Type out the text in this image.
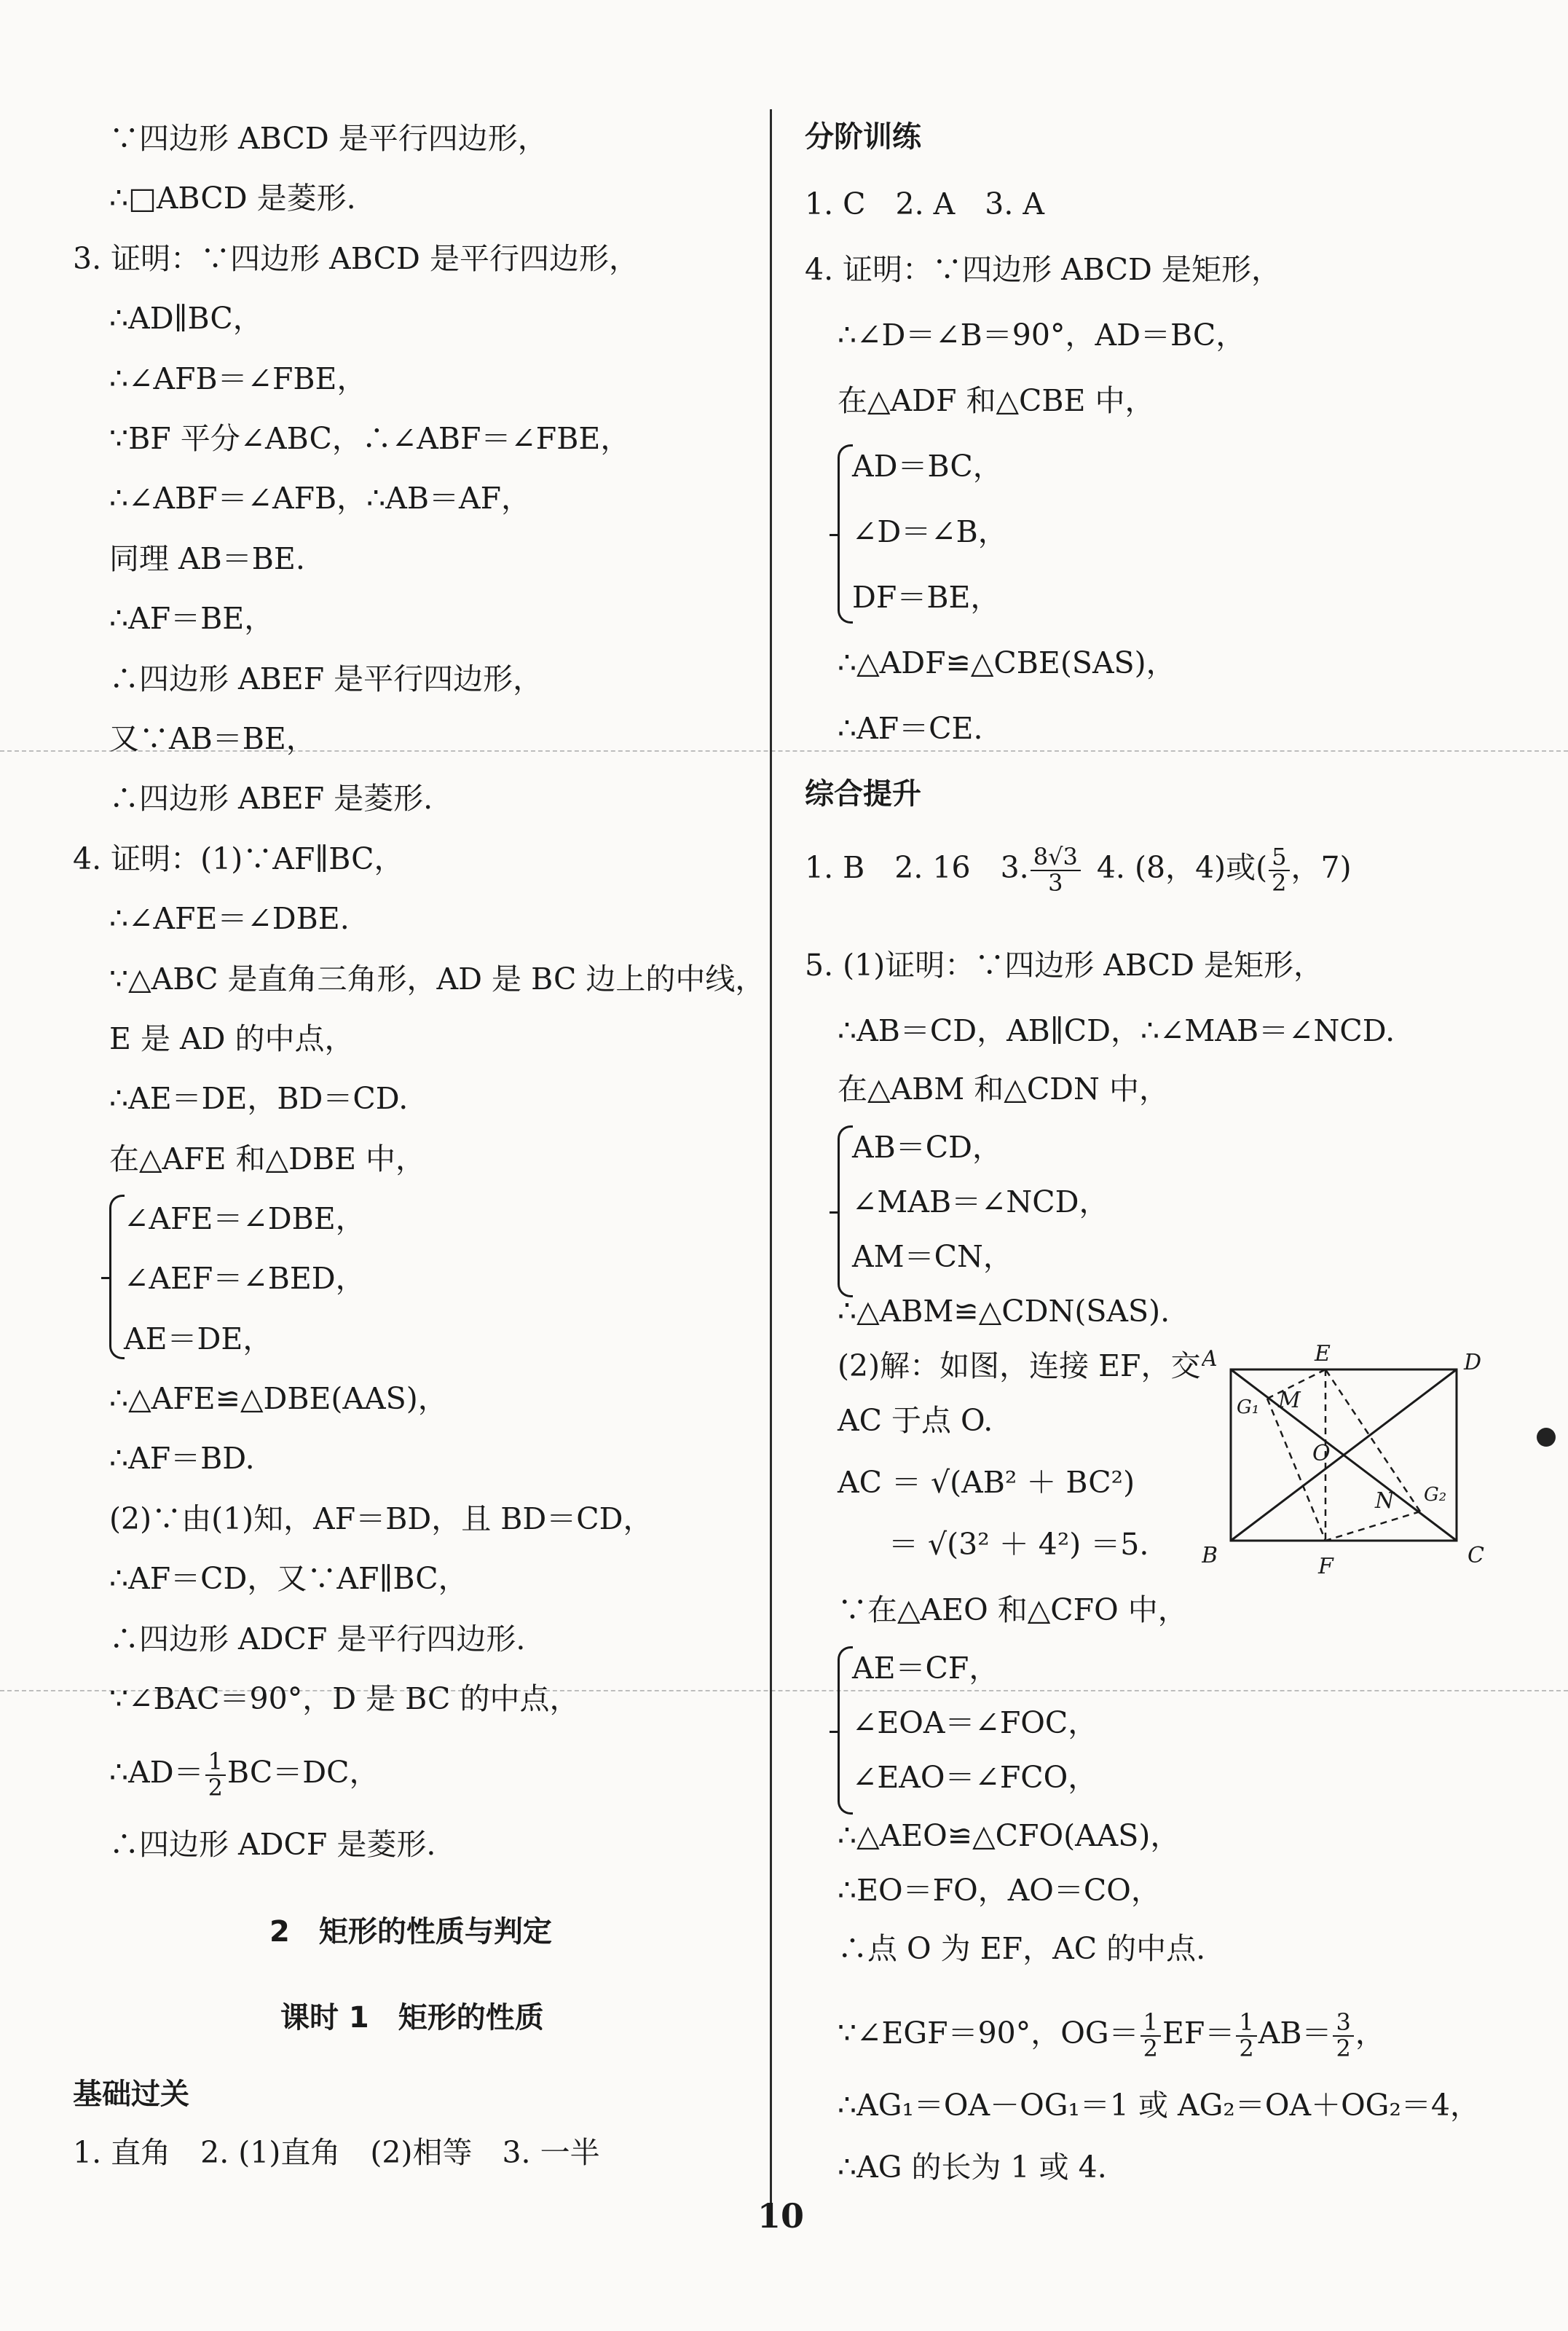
∵四边形 ABCD 是平行四边形，
∴□ABCD 是菱形.
3. 证明：∵四边形 ABCD 是平行四边形，
∴AD∥BC，
∴∠AFB＝∠FBE，
∵BF 平分∠ABC，∴∠ABF＝∠FBE，
∴∠ABF＝∠AFB，∴AB＝AF，
同理 AB＝BE.
∴AF＝BE，
∴四边形 ABEF 是平行四边形，
又∵AB＝BE，
∴四边形 ABEF 是菱形.
4. 证明：(1)∵AF∥BC，
∴∠AFE＝∠DBE.
∵△ABC 是直角三角形，AD 是 BC 边上的中线，
E 是 AD 的中点，
∴AE＝DE，BD＝CD.
在△AFE 和△DBE 中，
∠AFE＝∠DBE，
∠AEF＝∠BED，
AE＝DE，
∴△AFE≌△DBE(AAS)，
∴AF＝BD.
(2)∵由(1)知，AF＝BD，且 BD＝CD，
∴AF＝CD，又∵AF∥BC，
∴四边形 ADCF 是平行四边形.
∵∠BAC＝90°，D 是 BC 的中点，
∴AD＝ $\frac{1}{2} BC=DC$，
∴四边形 ADCF 是菱形.
2　矩形的性质与判定
课时 1　矩形的性质
基础过关
1. 直角　2. (1)直角　(2)相等　3. 一半
分阶训练
1. C　2. A　3. A
4. 证明：∵四边形 ABCD 是矩形，
∴∠D＝∠B＝90°，AD＝BC，
在△ADF 和△CBE 中，
AD＝BC，
∠D＝∠B，
DF＝BE，
∴△ADF≌△CBE(SAS)，
∴AF＝CE.
综合提升
1. B　2. 16　3. $\frac{8√3}{3} 4$. (8，4)或( $\frac{5}{2}$ ，7)
5. (1)证明：∵四边形 ABCD 是矩形，
∴AB＝CD，AB∥CD，∴∠MAB＝∠NCD.
在△ABM 和△CDN 中，
AB＝CD，
∠MAB＝∠NCD，
AM＝CN，
∴△ABM≌△CDN(SAS).
(2)解：如图，连接 EF，交
AC 于点 O.
AC ＝ √(AB² ＋ BC²)
＝ √(3² ＋ 4²) ＝5.
∵在△AEO 和△CFO 中，
AE＝CF，
∠EOA＝∠FOC，
∠EAO＝∠FCO，
∴△AEO≌△CFO(AAS)，
∴EO＝FO，AO＝CO，
∴点 O 为 EF，AC 的中点.
∵∠EGF＝90°，$OG= \frac{1}{2} EF= \frac{1}{2} AB= \frac{3}{2}$ ，
∴AG₁＝OA－OG₁＝1 或 AG₂＝OA＋OG₂＝4，
∴AG 的长为 1 或 4.
A
B	C
D
E
F
O
M
N
G₁
G₂
10
